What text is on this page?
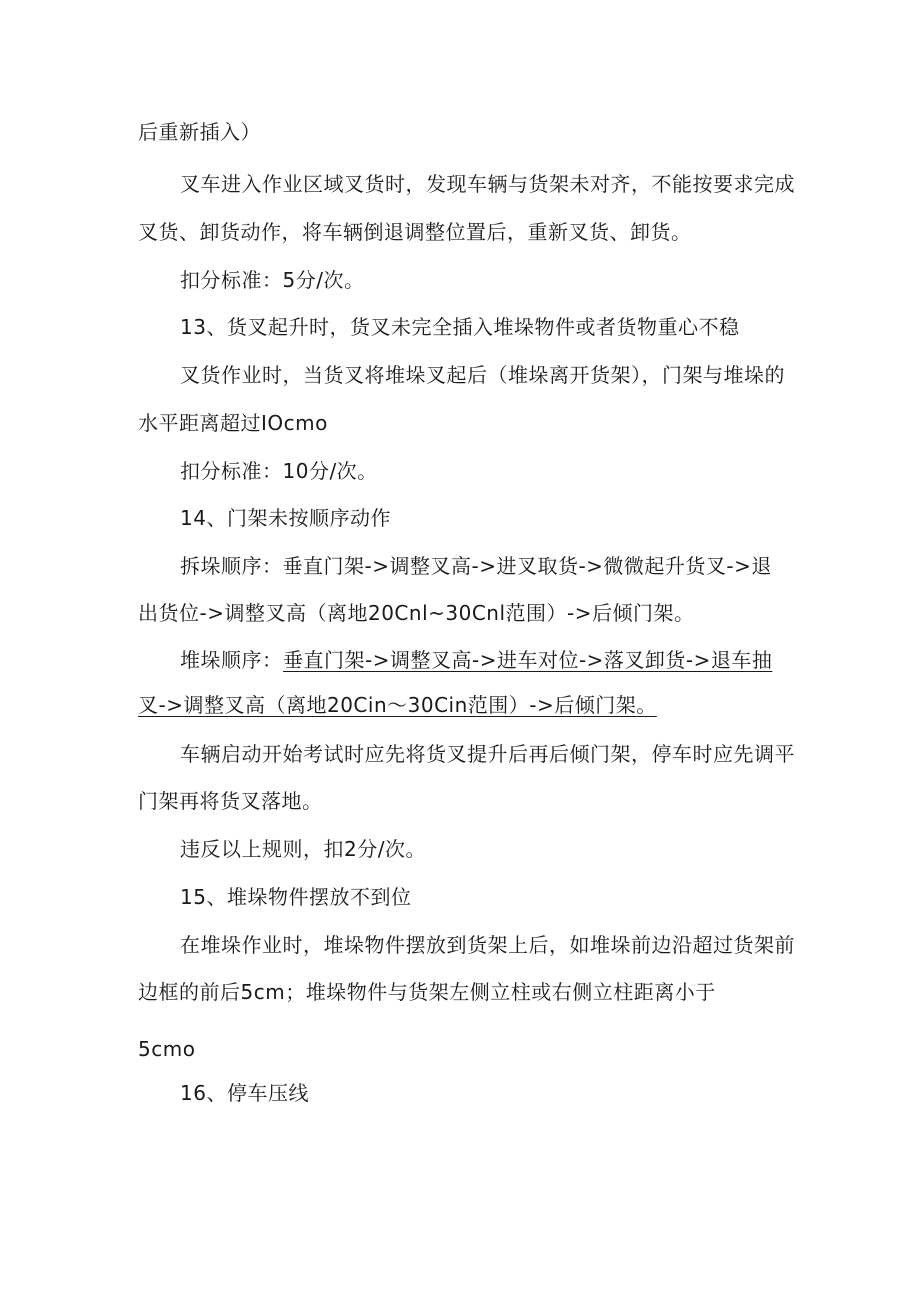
后重新插入）
叉车进入作业区域叉货时，发现车辆与货架未对齐，不能按要求完成
叉货、卸货动作，将车辆倒退调整位置后，重新叉货、卸货。
扣分标准：5分/次。
13、货叉起升时，货叉未完全插入堆垛物件或者货物重心不稳
叉货作业时，当货叉将堆垛叉起后（堆垛离开货架），门架与堆垛的
水平距离超过IOcmo
扣分标准：10分/次。
14、门架未按顺序动作
拆垛顺序：垂直门架->调整叉高->进叉取货->微微起升货叉->退
出货位->调整叉高（离地20Cnl~30Cnl范围）->后倾门架。
堆垛顺序： 垂直门架->调整叉高->进车对位->落叉卸货->退车抽
叉->调整叉高（离地20Cin～30Cin范围）->后倾门架。
车辆启动开始考试时应先将货叉提升后再后倾门架，停车时应先调平
门架再将货叉落地。
违反以上规则，扣2分/次。
15、堆垛物件摆放不到位
在堆垛作业时，堆垛物件摆放到货架上后，如堆垛前边沿超过货架前
边框的前后5cm；堆垛物件与货架左侧立柱或右侧立柱距离小于
5cmo
16、停车压线
